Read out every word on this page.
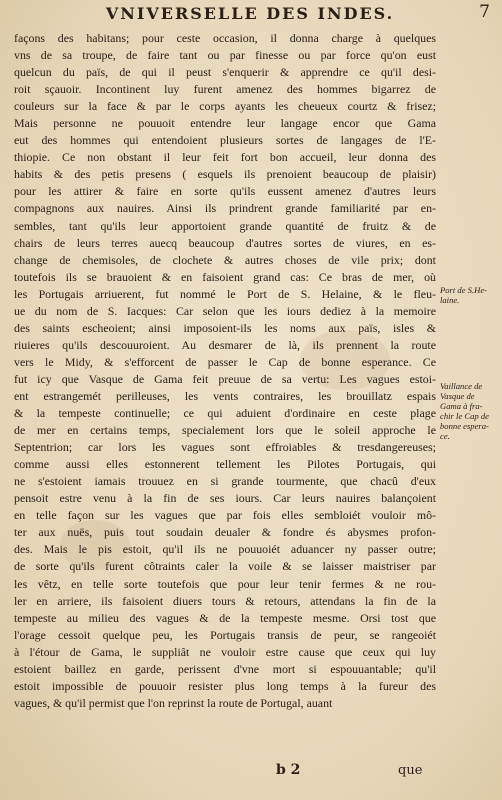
VNIVERSELLE DES INDES.	7
façons des habitans; pour ceste occasion, il donna charge à quelques
vns de sa troupe, de faire tant ou par finesse ou par force qu'on eust
quelcun du païs, de qui il peust s'enquerir & apprendre ce qu'il desi-
roit sçauoir. Incontinent luy furent amenez des hommes bigarrez de
couleurs sur la face & par le corps ayants les cheueux courtz & frisez;
Mais personne ne pouuoit entendre leur langage encor que Gama
eut des hommes qui entendoient plusieurs sortes de langages de l'E-
thiopie. Ce non obstant il leur feit fort bon accueil, leur donna des
habits & des petis presens ( esquels ils prenoient beaucoup de plaisir)
pour les attirer & faire en sorte qu'ils eussent amenez d'autres leurs
compagnons aux nauires. Ainsi ils prindrent grande familiarité par en-
sembles, tant qu'ils leur apportoient grande quantité de fruitz & de
chairs de leurs terres auecq beaucoup d'autres sortes de viures, en es-
change de chemisoles, de clochete & autres choses de vile prix; dont
toutefois ils se brauoient & en faisoient grand cas: Ce bras de mer, où
les Portugais arriuerent, fut nommé le Port de S. Helaine, & le fleu-
ue du nom de S. Iacques: Car selon que les iours dediez à la memoire
des saints escheoient; ainsi imposoient-ils les noms aux païs, isles &
riuieres qu'ils descouuroient. Au desmarer de là, ils prennent la route
vers le Midy, & s'efforcent de passer le Cap de bonne esperance. Ce
fut icy que Vasque de Gama feit preuue de sa vertu: Les vagues estoi-
ent estrangemét perilleuses, les vents contraires, les brouillatz espais
& la tempeste continuelle; ce qui aduient d'ordinaire en ceste plage
de mer en certains temps, specialement lors que le soleil approche le
Septentrion; car lors les vagues sont effroiables & tresdangereuses;
comme aussi elles estonnerent tellement les Pilotes Portugais, qui
ne s'estoient iamais trouuez en si grande tourmente, que chacû d'eux
pensoit estre venu à la fin de ses iours. Car leurs nauires balançoient
en telle façon sur les vagues que par fois elles sembloiét vouloir mô-
ter aux nuës, puis tout soudain deualer & fondre és abysmes profon-
des. Mais le pis estoit, qu'il ils ne pouuoiét aduancer ny passer outre;
de sorte qu'ils furent côtraints caler la voile & se laisser maistriser par
les vêtz, en telle sorte toutefois que pour leur tenir fermes & ne rou-
ler en arriere, ils faisoient diuers tours & retours, attendans la fin de la
tempeste au milieu des vagues & de la tempeste mesme. Orsi tost que
l'orage cessoit quelque peu, les Portugais transis de peur, se rangeoiét
à l'étour de Gama, le suppliât ne vouloir estre cause que ceux qui luy
estoient baillez en garde, perissent d'vne mort si espouuantable; qu'il
estoit impossible de pouuoir resister plus long temps à la fureur des
vagues, & qu'il permist que l'on reprinst la route de Portugal, auant
Port de S.He-
laine.
Vaillance de
Vasque de
Gama à fra-
chir le Cap de
bonne espera-
ce.
b 2	que
